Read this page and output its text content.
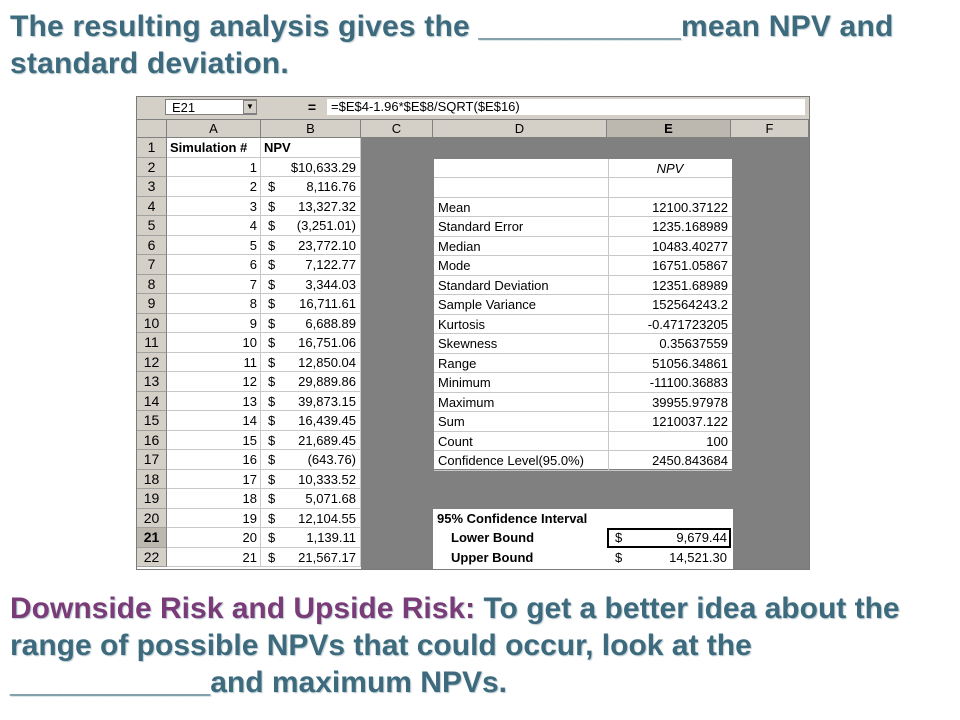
The resulting analysis gives the ____________mean NPV and standard deviation.

E21	▼	=	=$E$4-1.96*$E$8/SQRT($E$16)
A	B	C	D	E	F
1	Simulation #	NPV
2	1	$10,633.29
3	2 $ 8,116.76
4	3 $ 13,327.32
5	4 $ (3,251.01)
6	5 $ 23,772.10
7	6 $ 7,122.77
8	7 $ 3,344.03
9	8 $ 16,711.61
10	9 $ 6,688.89
11	10 $ 16,751.06
12	11 $ 12,850.04
13	12 $ 29,889.86
14	13 $ 39,873.15
15	14 $ 16,439.45
16	15 $ 21,689.45
17	16 $ (643.76)
18	17 $ 10,333.52
19	18 $ 5,071.68
20	19 $ 12,104.55
21	20 $ 1,139.11
22	21 $ 21,567.17
NPV
Mean	12100.37122
Standard Error	1235.168989
Median	10483.40277
Mode	16751.05867
Standard Deviation	12351.68989
Sample Variance	152564243.2
Kurtosis	-0.471723205
Skewness	0.35637559
Range	51056.34861
Minimum	-11100.36883
Maximum	39955.97978
Sum	1210037.122
Count	100
Confidence Level(95.0%)	2450.843684
95% Confidence Interval
Lower Bound	$	9,679.44
Upper Bound	$	14,521.30

Downside Risk and Upside Risk: To get a better idea about the range of possible NPVs that could occur, look at the ____________and maximum NPVs.
